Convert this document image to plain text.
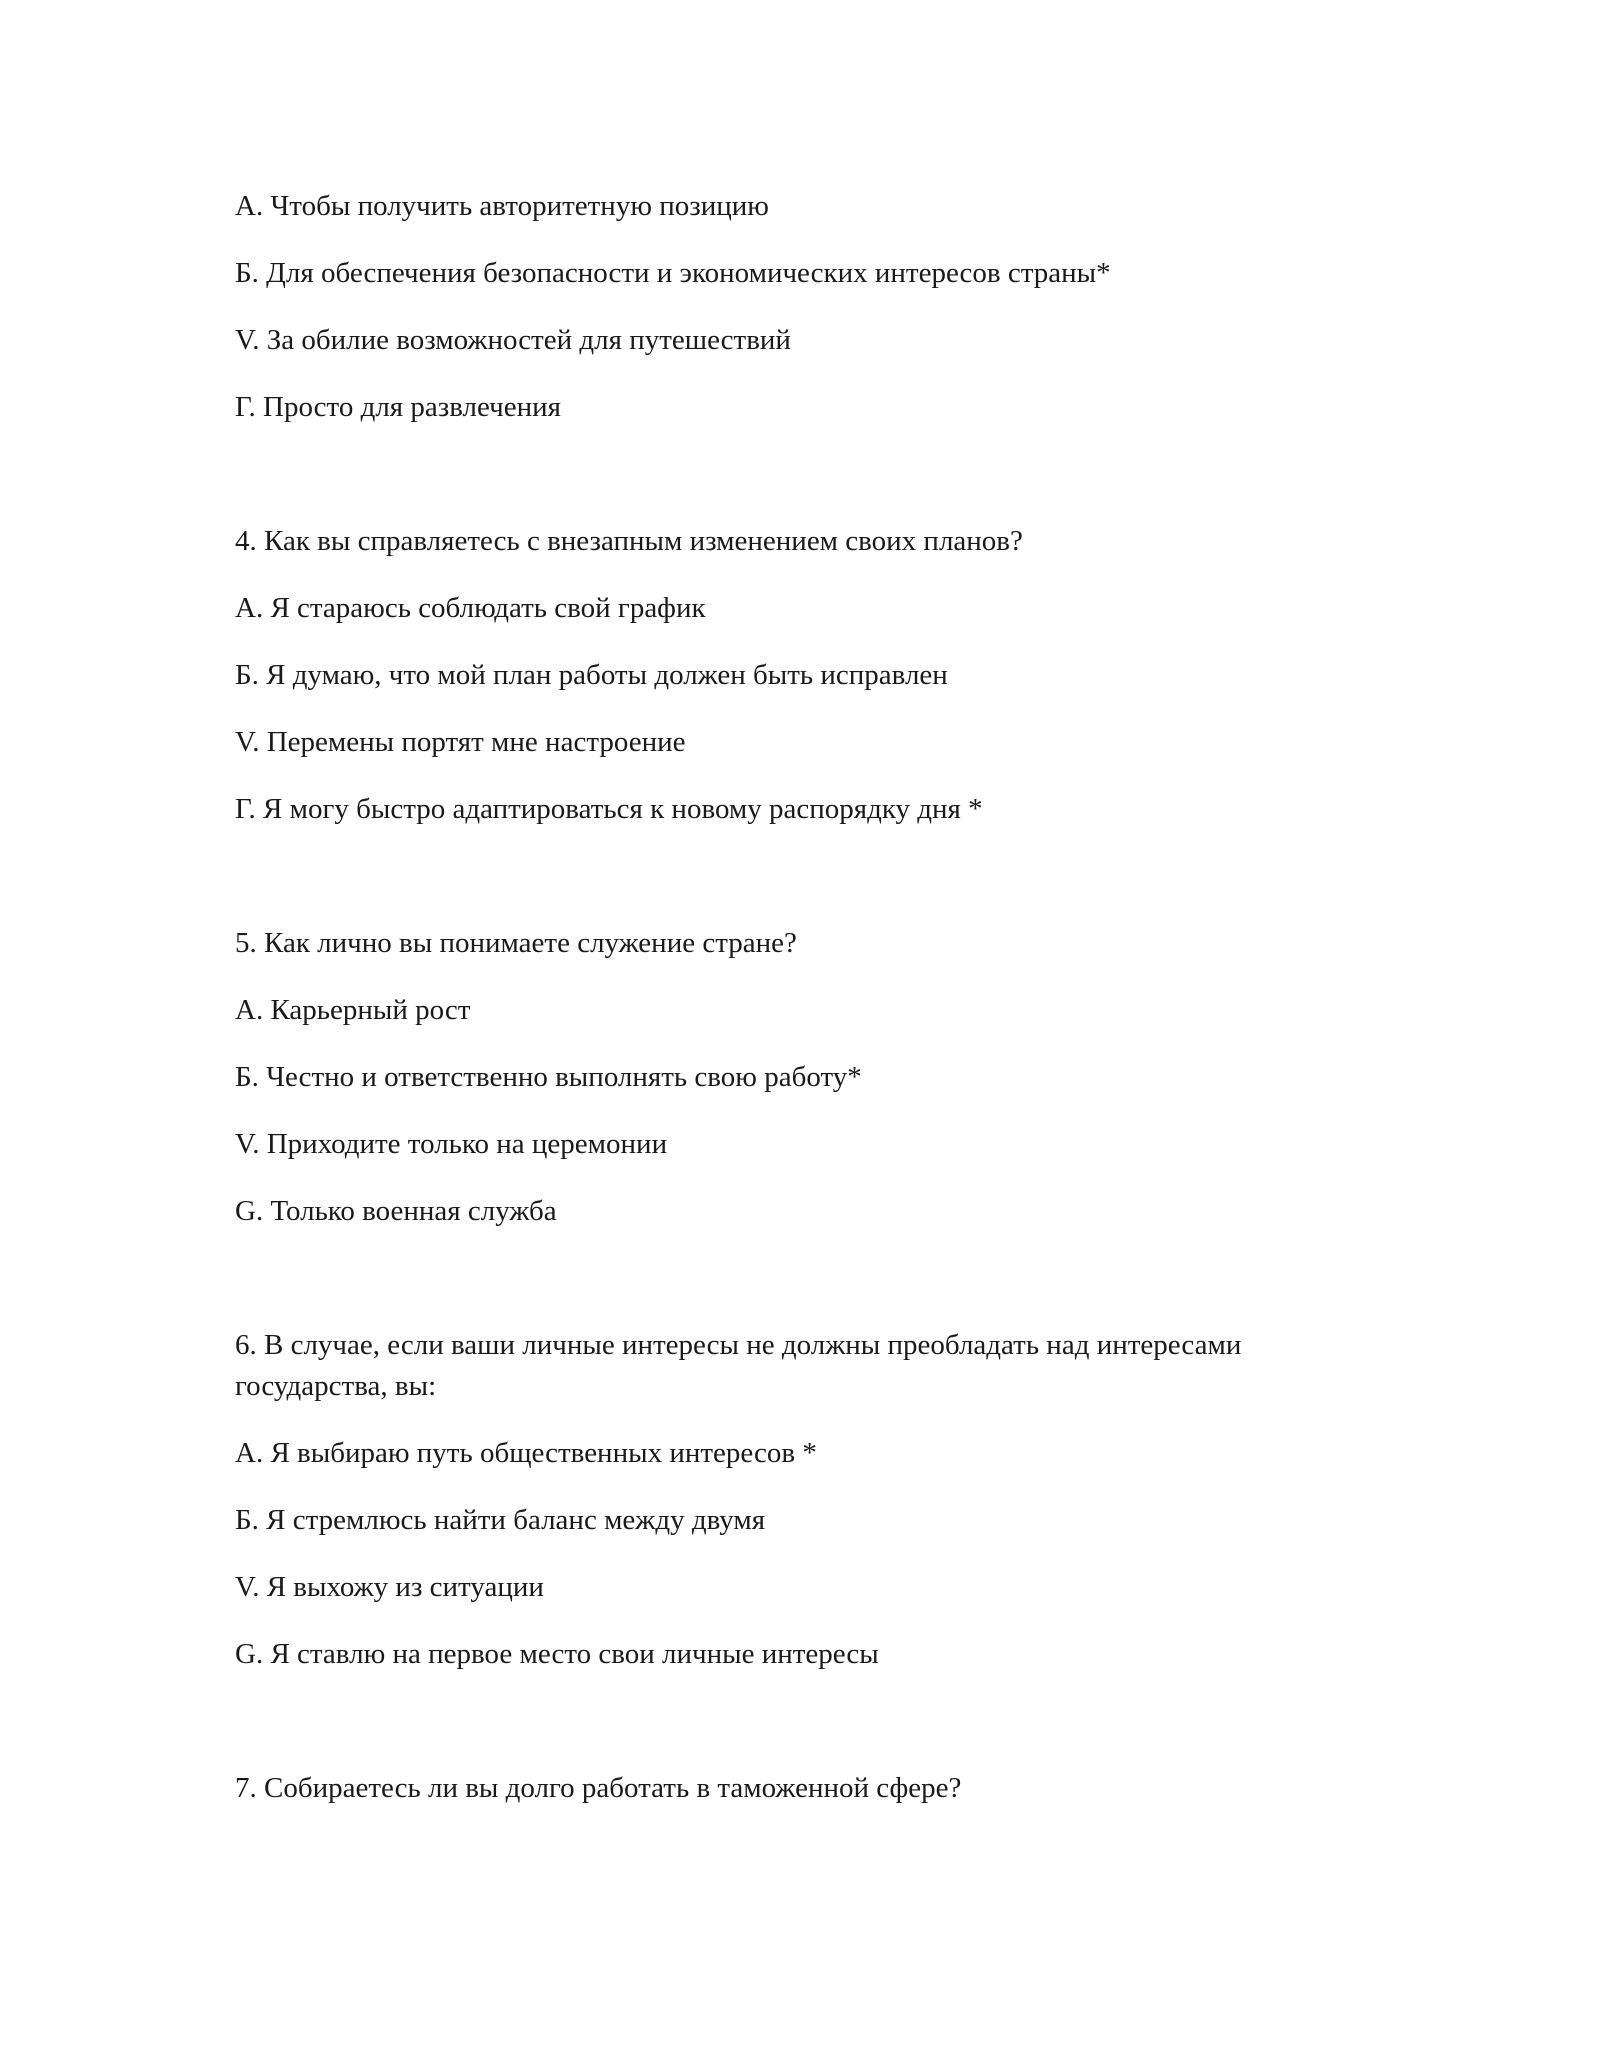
А. Чтобы получить авторитетную позицию

Б. Для обеспечения безопасности и экономических интересов страны*

V. За обилие возможностей для путешествий

Г. Просто для развлечения

4. Как вы справляетесь с внезапным изменением своих планов?

А. Я стараюсь соблюдать свой график

Б. Я думаю, что мой план работы должен быть исправлен

V. Перемены портят мне настроение

Г. Я могу быстро адаптироваться к новому распорядку дня *

5. Как лично вы понимаете служение стране?

А. Карьерный рост

Б. Честно и ответственно выполнять свою работу*

V. Приходите только на церемонии

G. Только военная служба

6. В случае, если ваши личные интересы не должны преобладать над интересами

государства, вы:

А. Я выбираю путь общественных интересов *

Б. Я стремлюсь найти баланс между двумя

V. Я выхожу из ситуации

G. Я ставлю на первое место свои личные интересы

7. Собираетесь ли вы долго работать в таможенной сфере?
